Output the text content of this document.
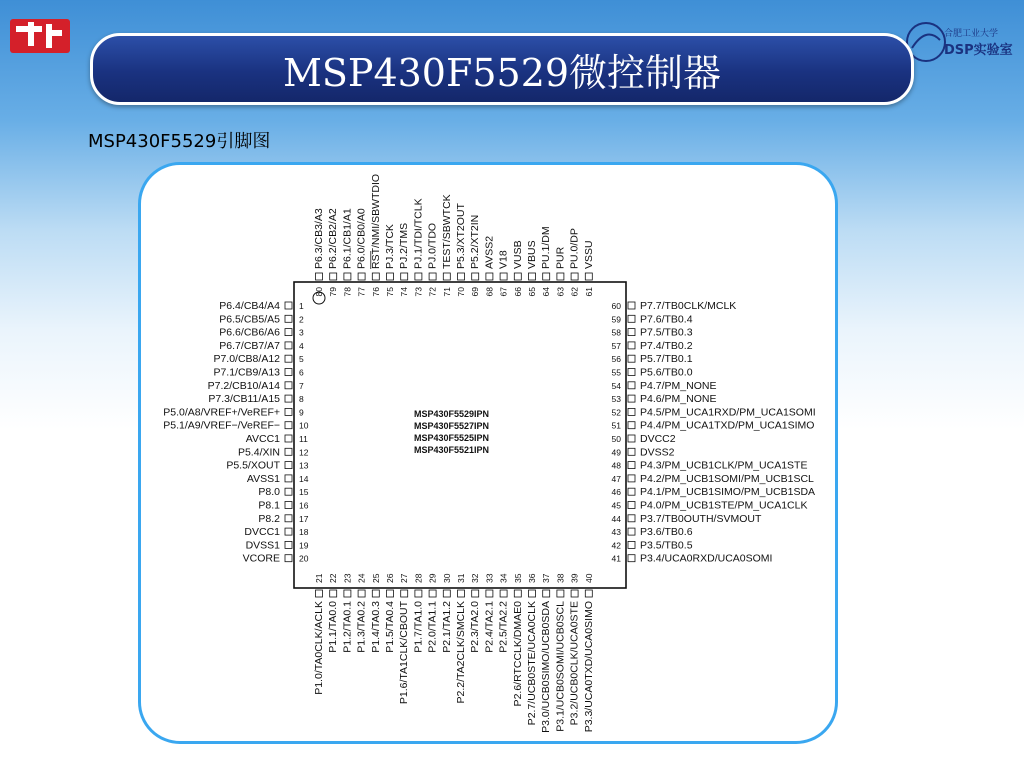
合肥工业大学
DSP实验室
MSP430F5529微控制器
MSP430F5529引脚图
MSP430F5529IPN
MSP430F5527IPN
MSP430F5525IPN
MSP430F5521IPN
P6.4/CB4/A4 1
P6.5/CB5/A5 2
P6.6/CB6/A6 3
P6.7/CB7/A7 4
P7.0/CB8/A12 5
P7.1/CB9/A13 6
P7.2/CB10/A14 7
P7.3/CB11/A15 8
P5.0/A8/VREF+/VeREF+ 9
P5.1/A9/VREF−/VeREF− 10
AVCC1 11
P5.4/XIN 12
P5.5/XOUT 13
AVSS1 14
P8.0 15
P8.1 16
P8.2 17
DVCC1 18
DVSS1 19
VCORE 20
P7.7/TB0CLK/MCLK
60
P7.6/TB0.4
59
P7.5/TB0.3
58
P7.4/TB0.2
57
P5.7/TB0.1
56
P5.6/TB0.0
55
P4.7/PM_NONE
54
P4.6/PM_NONE
53
P4.5/PM_UCA1RXD/PM_UCA1SOMI
52
P4.4/PM_UCA1TXD/PM_UCA1SIMO
51
DVCC2
50
DVSS2
49
P4.3/PM_UCB1CLK/PM_UCA1STE
48
P4.2/PM_UCB1SOMI/PM_UCB1SCL
47
P4.1/PM_UCB1SIMO/PM_UCB1SDA
46
P4.0/PM_UCB1STE/PM_UCA1CLK
45
P3.7/TB0OUTH/SVMOUT
44
P3.6/TB0.6
43
P3.5/TB0.5
42
P3.4/UCA0RXD/UCA0SOMI
41
P6.3/CB3/A3
80
P6.2/CB2/A2
79
P6.1/CB1/A1
78
P6.0/CB0/A0
77
RST/NMI/SBWTDIO
76
PJ.3/TCK
75
PJ.2/TMS
74
PJ.1/TDI/TCLK
73
PJ.0/TDO
72
TEST/SBWTCK
71
P5.3/XT2OUT
70
P5.2/XT2IN
69
AVSS2
68
V18
67
VUSB
66
VBUS
65
PU.1/DM
64
PUR
63
PU.0/DP
62
VSSU
61
P1.0/TA0CLK/ACLK
21
P1.1/TA0.0
22
P1.2/TA0.1
23
P1.3/TA0.2
24
P1.4/TA0.3
25
P1.5/TA0.4
26
P1.6/TA1CLK/CBOUT
27
P1.7/TA1.0
28
P2.0/TA1.1
29
P2.1/TA1.2
30
P2.2/TA2CLK/SMCLK
31
P2.3/TA2.0
32
P2.4/TA2.1
33
P2.5/TA2.2
34
P2.6/RTCCLK/DMAE0
35
P2.7/UCB0STE/UCA0CLK
36
P3.0/UCB0SIMO/UCB0SDA
37
P3.1/UCB0SOMI/UCB0SCL
38
P3.2/UCB0CLK/UCA0STE
39
P3.3/UCA0TXD/UCA0SIMO
40
